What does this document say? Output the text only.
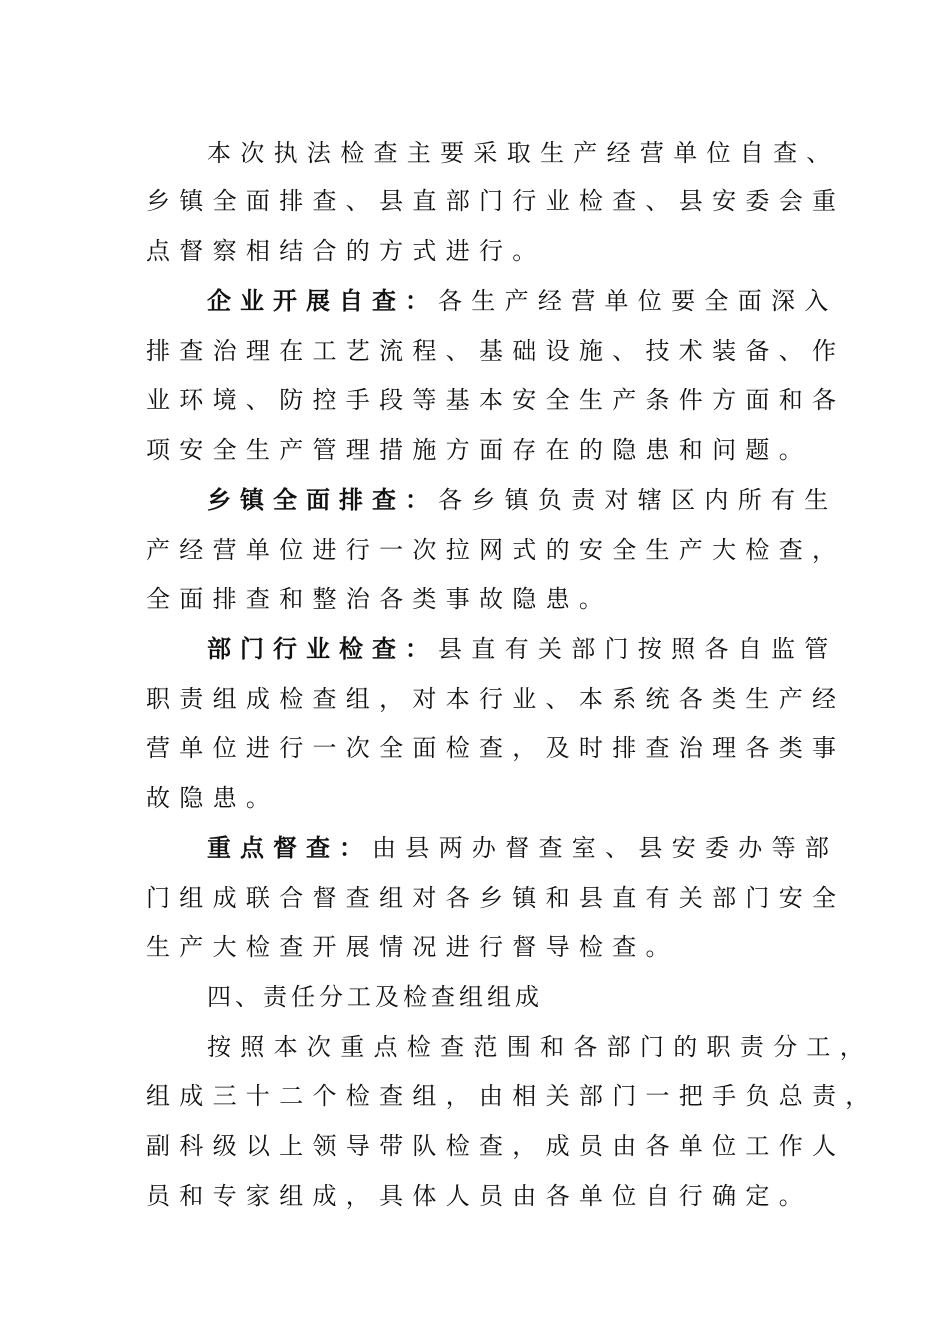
本次执法检查主要采取生产经营单位自查、
乡镇全面排查、县直部门行业检查、县安委会重
点督察相结合的方式进行。
企业开展自查：各生产经营单位要全面深入
排查治理在工艺流程、基础设施、技术装备、作
业环境、防控手段等基本安全生产条件方面和各
项安全生产管理措施方面存在的隐患和问题。
乡镇全面排查：各乡镇负责对辖区内所有生
产经营单位进行一次拉网式的安全生产大检查，
全面排查和整治各类事故隐患。
部门行业检查：县直有关部门按照各自监管
职责组成检查组，对本行业、本系统各类生产经
营单位进行一次全面检查，及时排查治理各类事
故隐患。
重点督查：由县两办督查室、县安委办等部
门组成联合督查组对各乡镇和县直有关部门安全
生产大检查开展情况进行督导检查。
四、责任分工及检查组组成
按照本次重点检查范围和各部门的职责分工，
组成三十二个检查组，由相关部门一把手负总责，
副科级以上领导带队检查，成员由各单位工作人
员和专家组成，具体人员由各单位自行确定。
